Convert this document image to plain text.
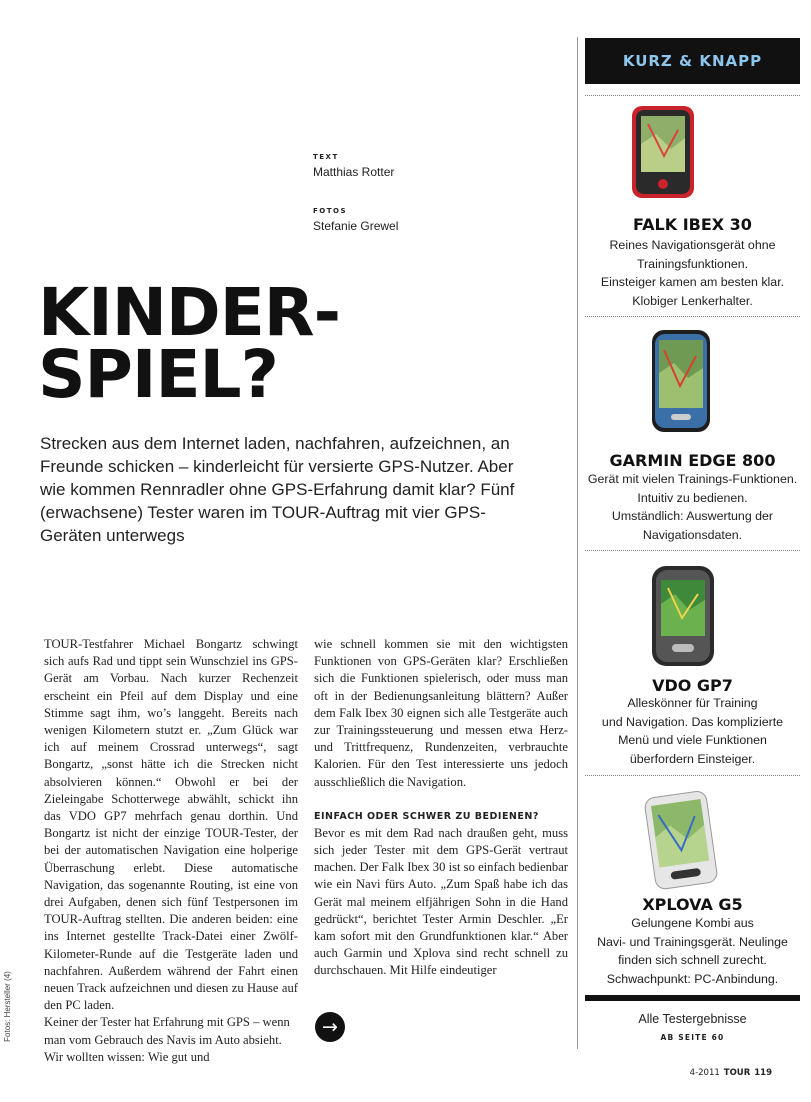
TEXT
Matthias Rotter
FOTOS
Stefanie Grewel
KINDER-
SPIEL?
Strecken aus dem Internet laden, nachfahren, aufzeichnen, an Freunde schicken – kinderleicht für versierte GPS-Nutzer. Aber wie kommen Rennradler ohne GPS-Erfahrung damit klar? Fünf (erwachsene) Tester waren im TOUR-Auftrag mit vier GPS-Geräten unterwegs

TOUR-Testfahrer Michael Bongartz schwingt sich aufs Rad und tippt sein Wunschziel ins GPS-Gerät am Vorbau. Nach kurzer Rechenzeit erscheint ein Pfeil auf dem Display und eine Stimme sagt ihm, wo’s langgeht. Bereits nach wenigen Kilometern stutzt er. „Zum Glück war ich auf meinem Crossrad unterwegs“, sagt Bongartz, „sonst hätte ich die Strecken nicht absolvieren können.“ Obwohl er bei der Zieleingabe Schotterwege abwählt, schickt ihn das VDO GP7 mehrfach genau dorthin. Und Bongartz ist nicht der einzige TOUR-Tester, der bei der automatischen Navigation eine holperige Überraschung erlebt. Diese automatische Navigation, das sogenannte Routing, ist eine von drei Aufgaben, denen sich fünf Testpersonen im TOUR-Auftrag stellten. Die anderen beiden: eine ins Internet gestellte Track-Datei einer Zwölf-Kilometer-Runde auf die Testgeräte laden und nachfahren. Außerdem während der Fahrt einen neuen Track aufzeichnen und diesen zu Hause auf den PC laden.

Keiner der Tester hat Erfahrung mit GPS – wenn man vom Gebrauch des Navis im Auto absieht. Wir wollten wissen: Wie gut und

wie schnell kommen sie mit den wichtigsten Funktionen von GPS-Geräten klar? Erschließen sich die Funktionen spielerisch, oder muss man oft in der Bedienungsanleitung blättern? Außer dem Falk Ibex 30 eignen sich alle Testgeräte auch zur Trainingssteuerung und messen etwa Herz- und Trittfrequenz, Rundenzeiten, verbrauchte Kalorien. Für den Test interessierte uns jedoch ausschließlich die Navigation.

EINFACH ODER SCHWER ZU BEDIENEN?

Bevor es mit dem Rad nach draußen geht, muss sich jeder Tester mit dem GPS-Gerät vertraut machen. Der Falk Ibex 30 ist so einfach bedienbar wie ein Navi fürs Auto. „Zum Spaß habe ich das Gerät mal meinem elfjährigen Sohn in die Hand gedrückt“, berichtet Tester Armin Deschler. „Er kam sofort mit den Grundfunktionen klar.“ Aber auch Garmin und Xplova sind recht schnell zu durchschauen. Mit Hilfe eindeutiger

→
Fotos: Hersteller (4)
KURZ & KNAPP
FALK IBEX 30
Reines Navigationsgerät ohne
Trainingsfunktionen.
Einsteiger kamen am besten klar.
Klobiger Lenkerhalter.
GARMIN EDGE 800
Gerät mit vielen Trainings-Funktionen.
Intuitiv zu bedienen.
Umständlich: Auswertung der
Navigationsdaten.
VDO GP7
Alleskönner für Training
und Navigation. Das komplizierte
Menü und viele Funktionen
überfordern Einsteiger.
XPLOVA G5
Gelungene Kombi aus
Navi- und Trainingsgerät. Neulinge
finden sich schnell zurecht.
Schwachpunkt: PC-Anbindung.
Alle Testergebnisse
AB SEITE 60
4-2011 TOUR 119
